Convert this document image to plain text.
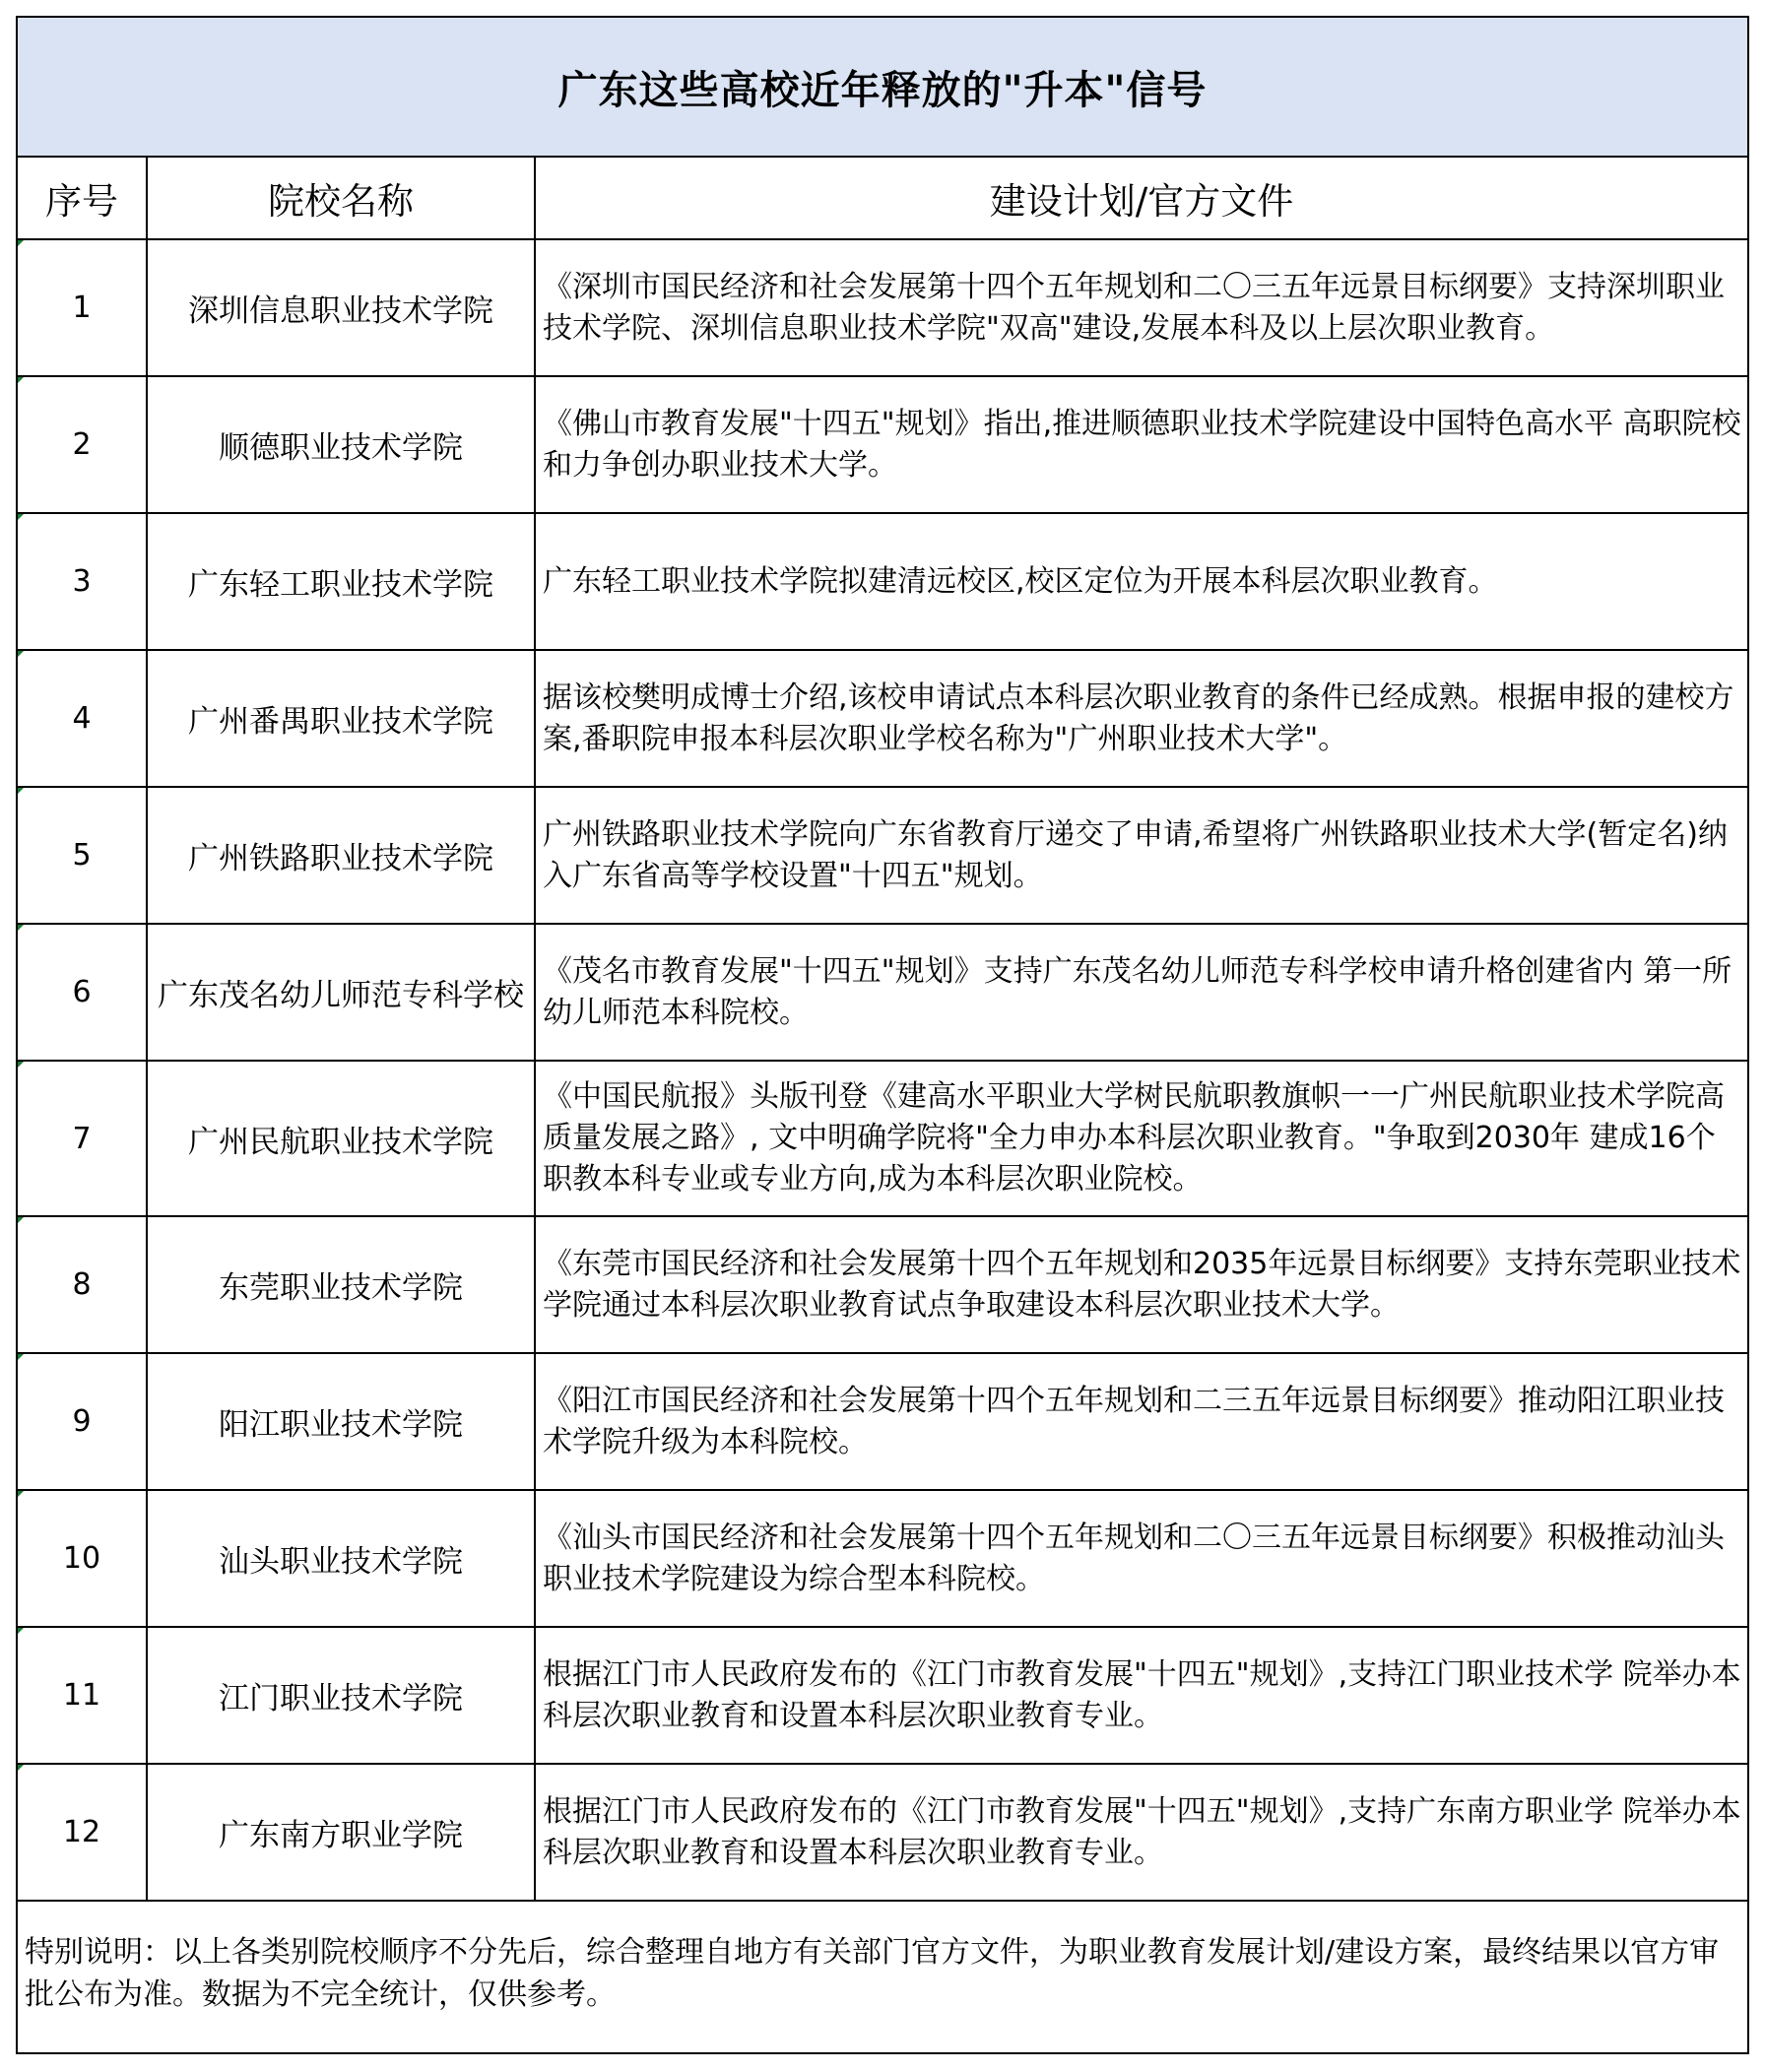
广东这些高校近年释放的"升本"信号		
序号	院校名称	建设计划/官方文件

1	深圳信息职业技术学院	《深圳市国民经济和社会发展第十四个五年规划和二〇三五年远景目标纲要》支持深圳职业技术学院、深圳信息职业技术学院"双高"建设,发展本科及以上层次职业教育。

2	顺德职业技术学院	《佛山市教育发展"十四五"规划》指出,推进顺德职业技术学院建设中国特色高水平 高职院校和力争创办职业技术大学。

3	广东轻工职业技术学院	广东轻工职业技术学院拟建清远校区,校区定位为开展本科层次职业教育。

4	广州番禺职业技术学院	据该校樊明成博士介绍,该校申请试点本科层次职业教育的条件已经成熟。根据申报的建校方案,番职院申报本科层次职业学校名称为"广州职业技术大学"。

5	广州铁路职业技术学院	广州铁路职业技术学院向广东省教育厅递交了申请,希望将广州铁路职业技术大学(暂定名)纳入广东省高等学校设置"十四五"规划。

6	广东茂名幼儿师范专科学校	《茂名市教育发展"十四五"规划》支持广东茂名幼儿师范专科学校申请升格创建省内 第一所幼儿师范本科院校。

7	广州民航职业技术学院	《中国民航报》头版刊登《建高水平职业大学树民航职教旗帜一一广州民航职业技术学院高质量发展之路》, 文中明确学院将"全力申办本科层次职业教育。"争取到2030年 建成16个职教本科专业或专业方向,成为本科层次职业院校。

8	东莞职业技术学院	《东莞市国民经济和社会发展第十四个五年规划和2035年远景目标纲要》支持东莞职业技术学院通过本科层次职业教育试点争取建设本科层次职业技术大学。

9	阳江职业技术学院	《阳江市国民经济和社会发展第十四个五年规划和二三五年远景目标纲要》推动阳江职业技术学院升级为本科院校。

10	汕头职业技术学院	《汕头市国民经济和社会发展第十四个五年规划和二〇三五年远景目标纲要》积极推动汕头职业技术学院建设为综合型本科院校。

11	江门职业技术学院	根据江门市人民政府发布的《江门市教育发展"十四五"规划》,支持江门职业技术学 院举办本科层次职业教育和设置本科层次职业教育专业。

12	广东南方职业学院	根据江门市人民政府发布的《江门市教育发展"十四五"规划》,支持广东南方职业学 院举办本科层次职业教育和设置本科层次职业教育专业。
特别说明：以上各类别院校顺序不分先后，综合整理自地方有关部门官方文件，为职业教育发展计划/建设方案，最终结果以官方审批公布为准。数据为不完全统计，仅供参考。		
